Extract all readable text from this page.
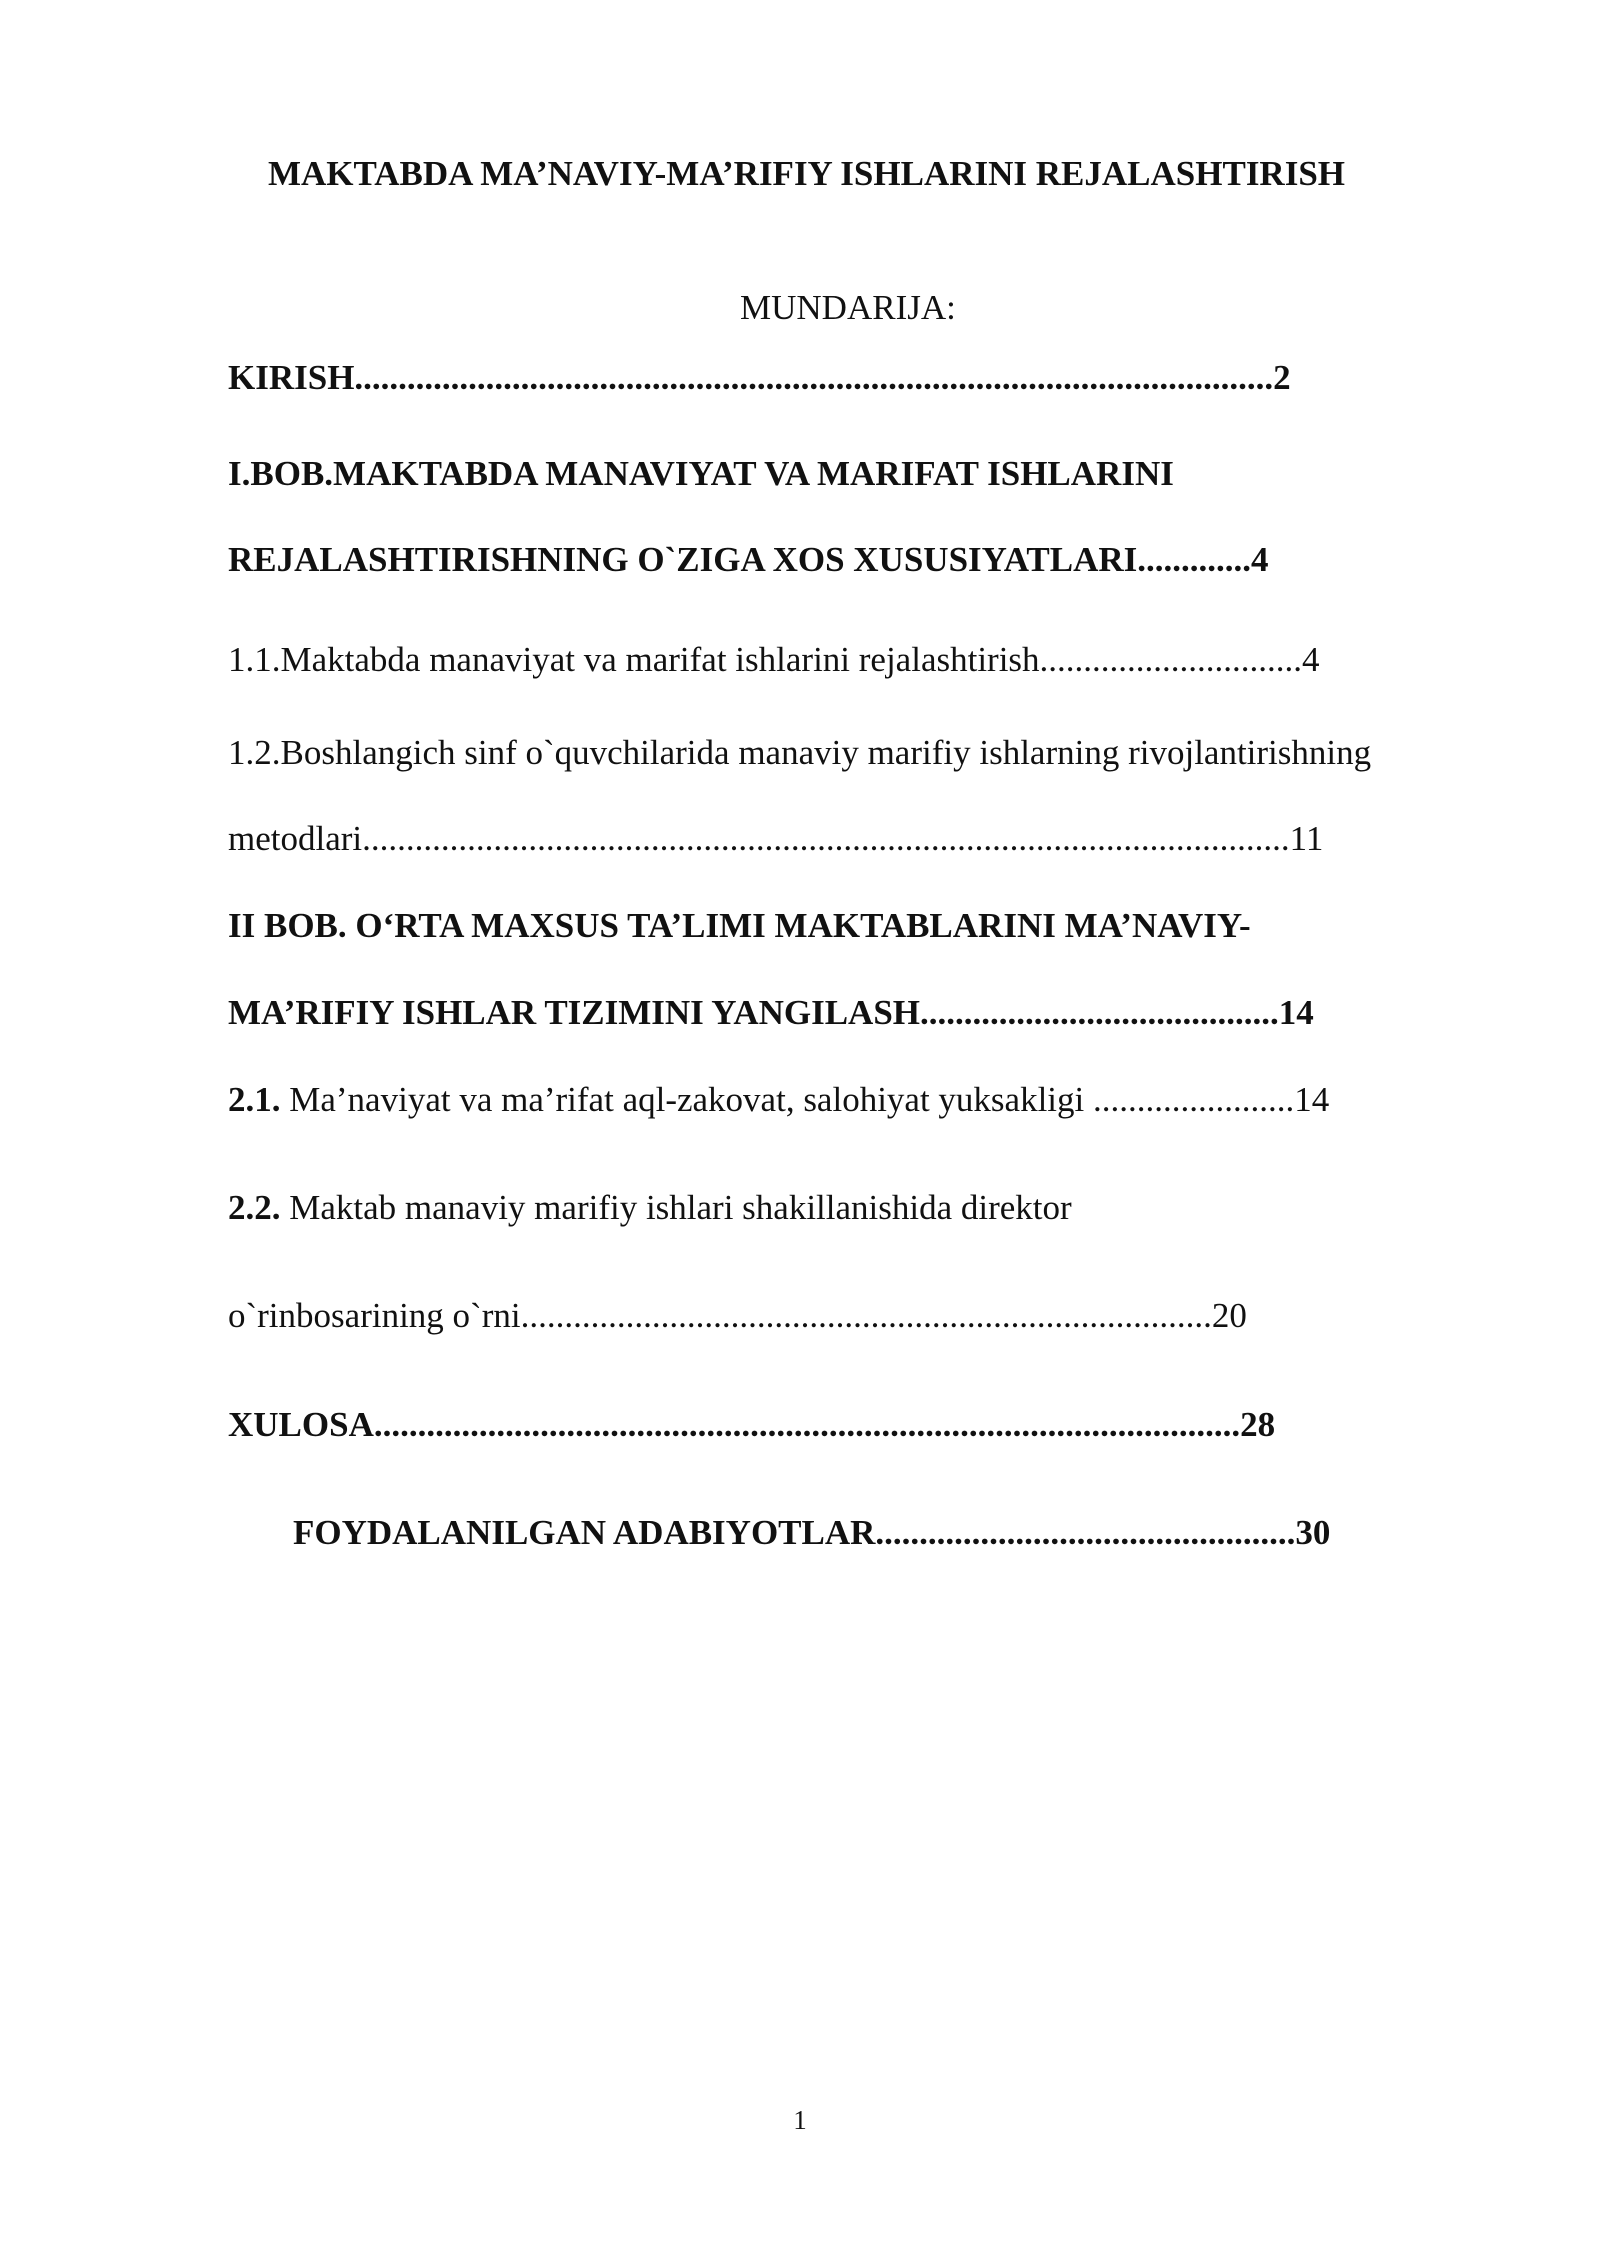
MAKTABDA MA’NAVIY-MA’RIFIY ISHLARINI REJALASHTIRISH
MUNDARIJA:
KIRISH.........................................................................................................2
I.BOB.MAKTABDA MANAVIYAT VA MARIFAT ISHLARINI
REJALASHTIRISHNING O`ZIGA XOS XUSUSIYATLARI.............4
1.1.Maktabda manaviyat va marifat ishlarini rejalashtirish..............................4
1.2.Boshlangich sinf o`quvchilarida manaviy marifiy ishlarning rivojlantirishning
metodlari..........................................................................................................11
II BOB. O‘RTA MAXSUS TA’LIMI MAKTABLARINI MA’NAVIY-
MA’RIFIY ISHLAR TIZIMINI YANGILASH.........................................14
2.1. Ma’naviyat va ma’rifat aql-zakovat, salohiyat yuksakligi .......................14
2.2. Maktab manaviy marifiy ishlari shakillanishida direktor
o`rinbosarining o`rni...............................................................................20
XULOSA...................................................................................................28
FOYDALANILGAN ADABIYOTLAR................................................30
1
